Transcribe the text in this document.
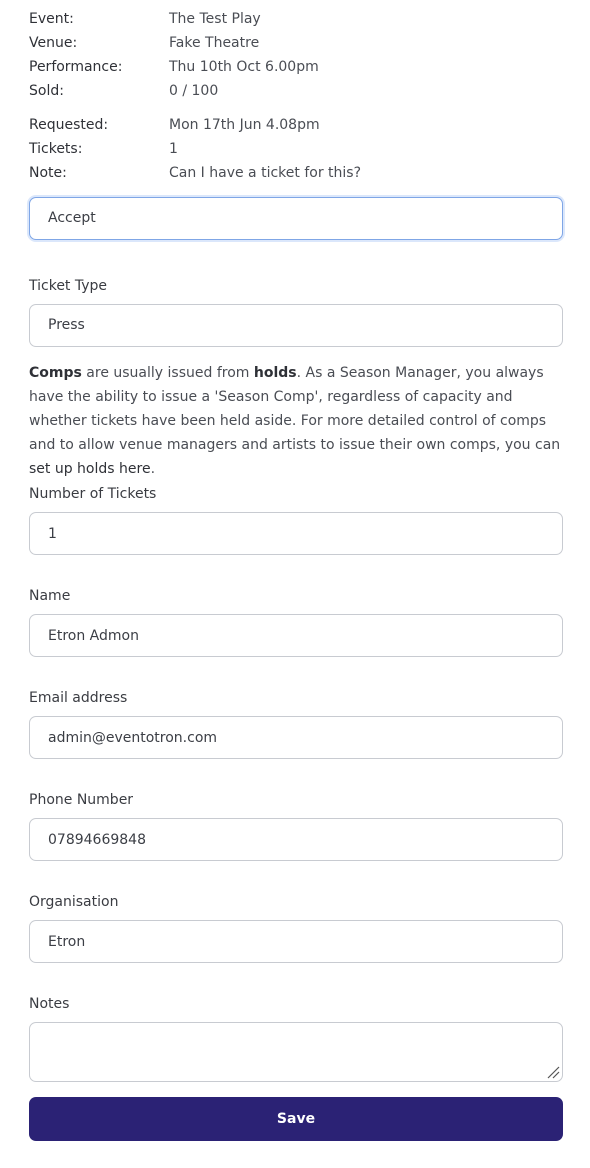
Event:	The Test Play
Venue:	Fake Theatre
Performance:	Thu 10th Oct 6.00pm
Sold:	0 / 100
Requested:	Mon 17th Jun 4.08pm
Tickets:	1
Note:	Can I have a ticket for this?
Accept
Ticket Type
Press
Comps are usually issued from holds. As a Season Manager, you always have the ability to issue a 'Season Comp', regardless of capacity and whether tickets have been held aside. For more detailed control of comps and to allow venue managers and artists to issue their own comps, you can set up holds here.
Number of Tickets
1
Name
Etron Admon
Email address
admin@eventotron.com
Phone Number
07894669848
Organisation
Etron
Notes
Save
